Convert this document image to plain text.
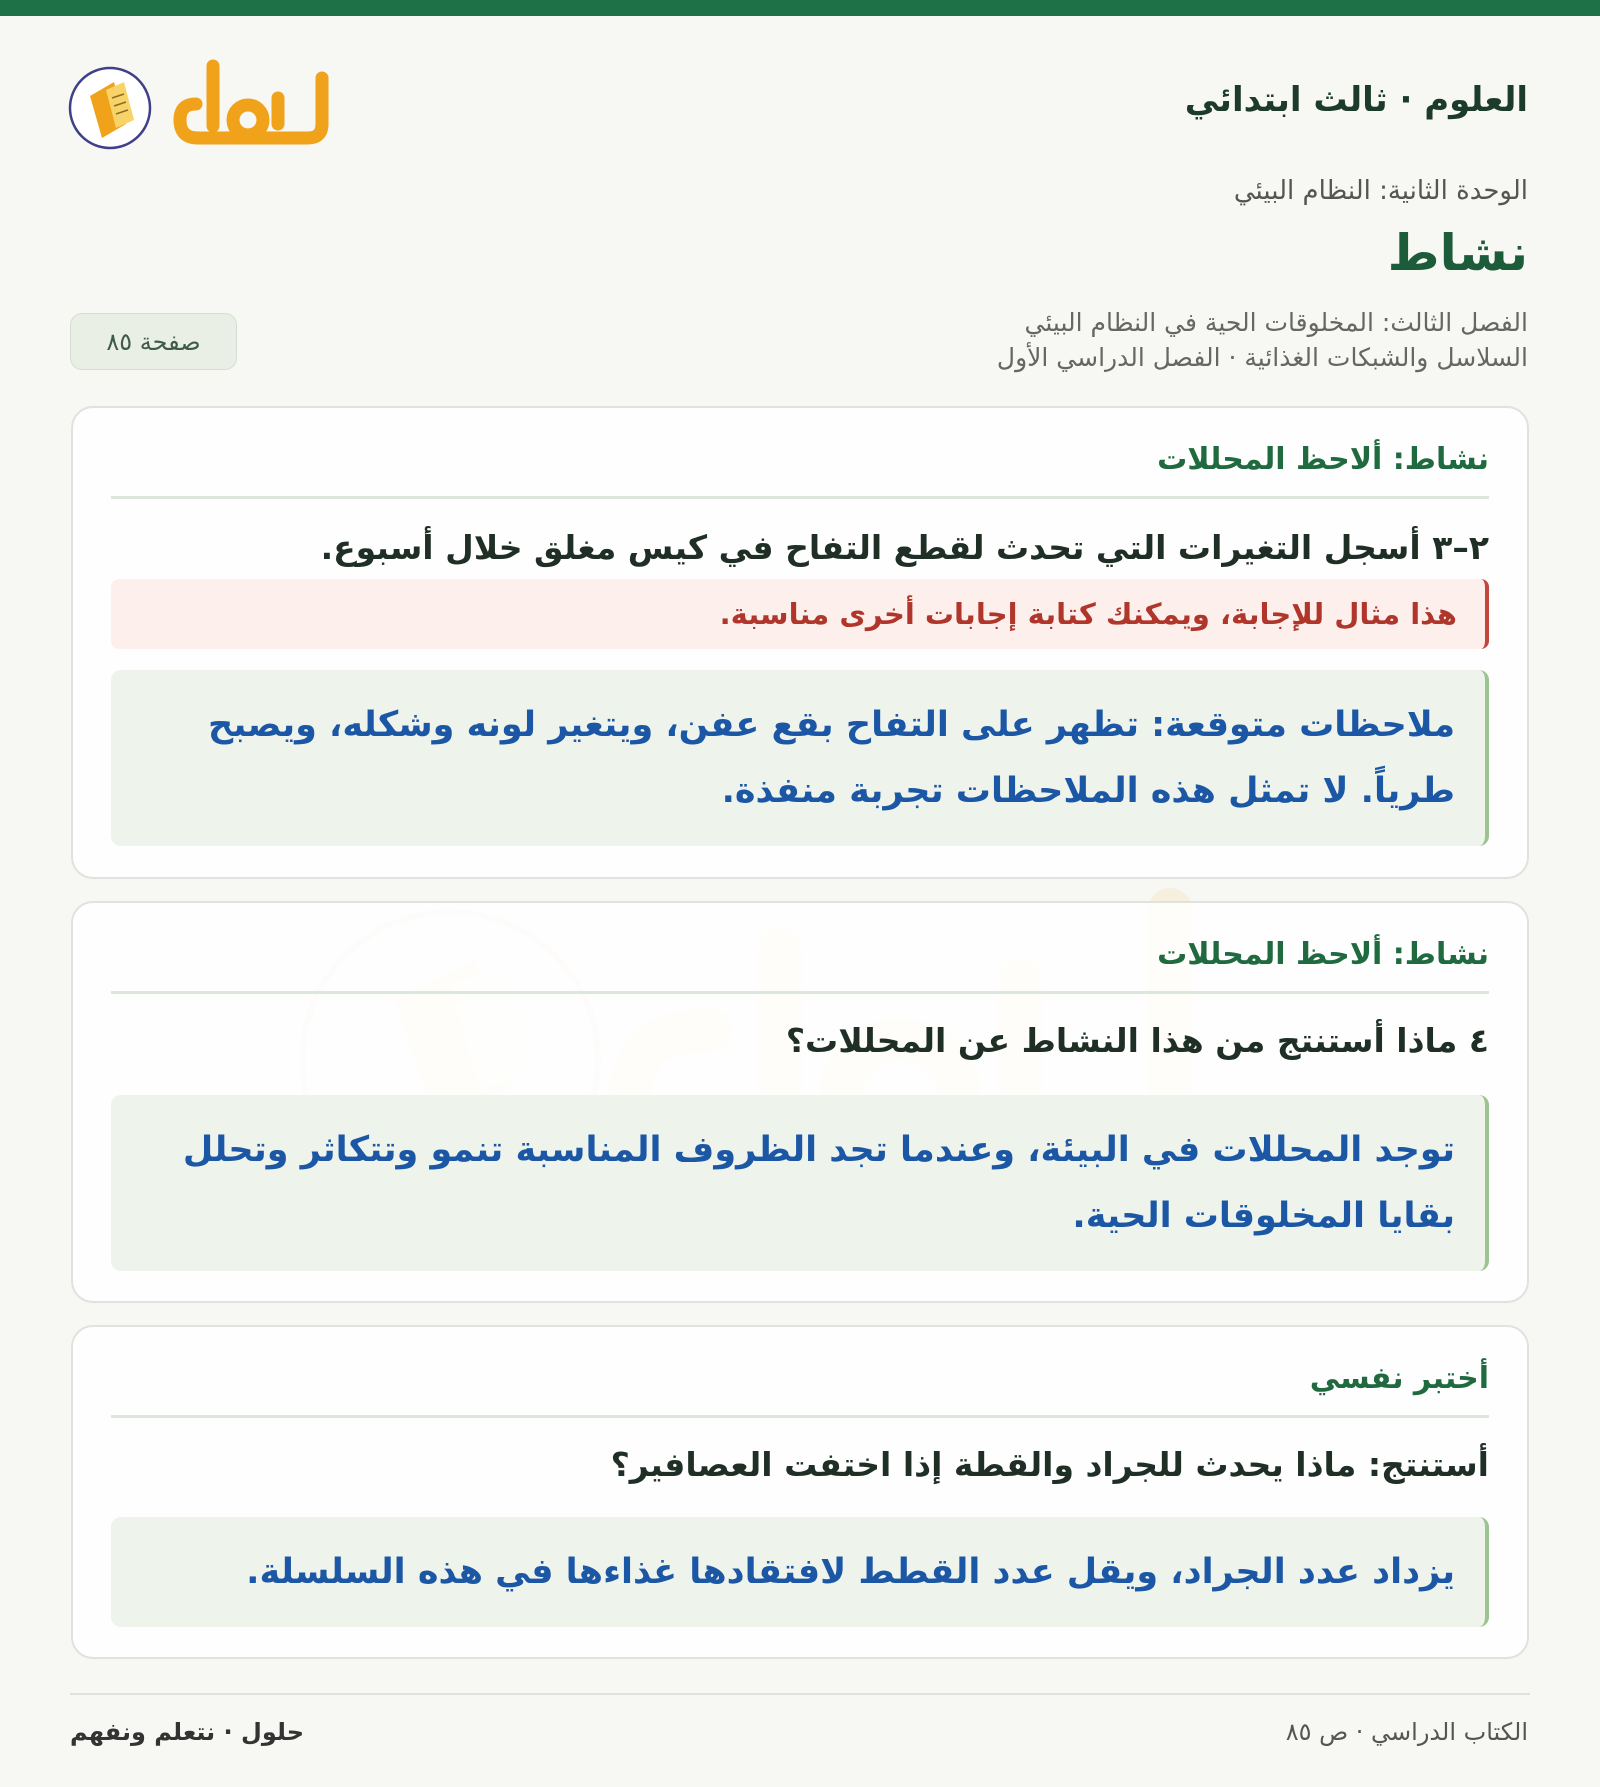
العلوم · ثالث ابتدائي
الوحدة الثانية: النظام البيئي
نشاط
الفصل الثالث: المخلوقات الحية في النظام البيئي
السلاسل والشبكات الغذائية · الفصل الدراسي الأول
صفحة ٨٥
نشاط: ألاحظ المحللات
٢–٣ أسجل التغيرات التي تحدث لقطع التفاح في كيس مغلق خلال أسبوع.
هذا مثال للإجابة، ويمكنك كتابة إجابات أخرى مناسبة.
ملاحظات متوقعة: تظهر على التفاح بقع عفن، ويتغير لونه وشكله، ويصبح طرياً. لا تمثل هذه الملاحظات تجربة منفذة.
نشاط: ألاحظ المحللات
٤ ماذا أستنتج من هذا النشاط عن المحللات؟
توجد المحللات في البيئة، وعندما تجد الظروف المناسبة تنمو وتتكاثر وتحلل بقايا المخلوقات الحية.
أختبر نفسي
أستنتج: ماذا يحدث للجراد والقطة إذا اختفت العصافير؟
يزداد عدد الجراد، ويقل عدد القطط لافتقادها غذاءها في هذه السلسلة.
الكتاب الدراسي · ص ٨٥
حلول · نتعلم ونفهم
